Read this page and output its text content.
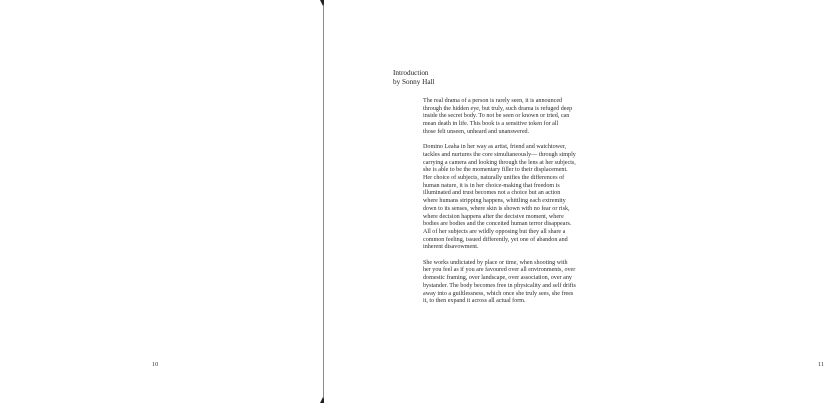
10	11
Introduction
by Sonny Hall
The real drama of a person is rarely seen, it is announced
through the hidden eye, but truly, such drama is refuged deep
inside the secret body. To not be seen or known or tried, can
mean death in life. This book is a sensitive token for all
those felt unseen, unheard and unanswered.
Domino Leaha in her way as artist, friend and watchtower,
tackles and nurtures the core simultaneously— through simply
carrying a camera and looking through the lens at her subjects,
she is able to be the momentary filler to their displacement.
Her choice of subjects, naturally unifies the differences of
human nature, it is in her choice-making that freedom is
illuminated and trust becomes not a choice but an action
where humans stripping happens, whittling each extremity
down to its senses, where skin is shown with no fear or risk,
where decision happens after the decisive moment, where
bodies are bodies and the conceited human terror disappears.
All of her subjects are wildly opposing but they all share a
common feeling, issued differently, yet one of abandon and
inherent disavowment.
She works undictated by place or time, when shooting with
her you feel as if you are favoured over all environments, over
domestic framing, over landscape, over association, over any
bystander. The body becomes free in physicality and self drifts
away into a guiltlessness, which once she truly sees, she frees
it, to then expand it across all actual form.
